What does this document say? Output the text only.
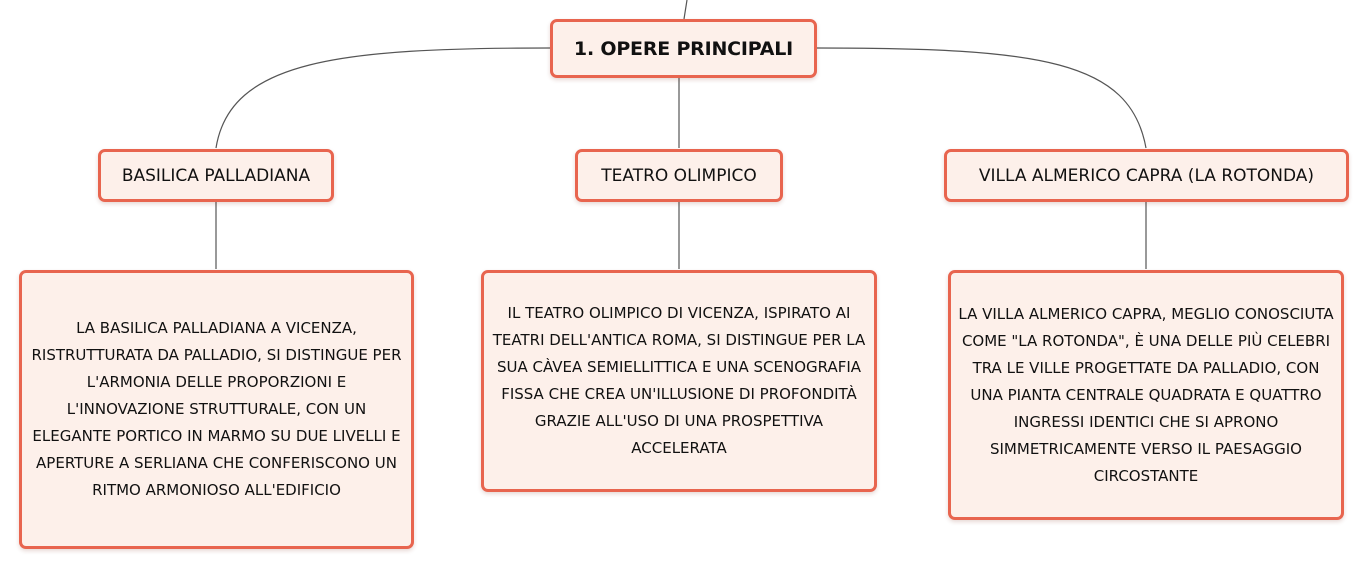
1. OPERE PRINCIPALI
BASILICA PALLADIANA	TEATRO OLIMPICO	VILLA ALMERICO CAPRA (LA ROTONDA)
LA BASILICA PALLADIANA A VICENZA, RISTRUTTURATA DA PALLADIO, SI DISTINGUE PER L'ARMONIA DELLE PROPORZIONI E L'INNOVAZIONE STRUTTURALE, CON UN ELEGANTE PORTICO IN MARMO SU DUE LIVELLI E APERTURE A SERLIANA CHE CONFERISCONO UN RITMO ARMONIOSO ALL'EDIFICIO
IL TEATRO OLIMPICO DI VICENZA, ISPIRATO AI TEATRI DELL'ANTICA ROMA, SI DISTINGUE PER LA SUA CÀVEA SEMIELLITTICA E UNA SCENOGRAFIA FISSA CHE CREA UN'ILLUSIONE DI PROFONDITÀ GRAZIE ALL'USO DI UNA PROSPETTIVA ACCELERATA
LA VILLA ALMERICO CAPRA, MEGLIO CONOSCIUTA COME "LA ROTONDA", È UNA DELLE PIÙ CELEBRI TRA LE VILLE PROGETTATE DA PALLADIO, CON UNA PIANTA CENTRALE QUADRATA E QUATTRO INGRESSI IDENTICI CHE SI APRONO SIMMETRICAMENTE VERSO IL PAESAGGIO CIRCOSTANTE
